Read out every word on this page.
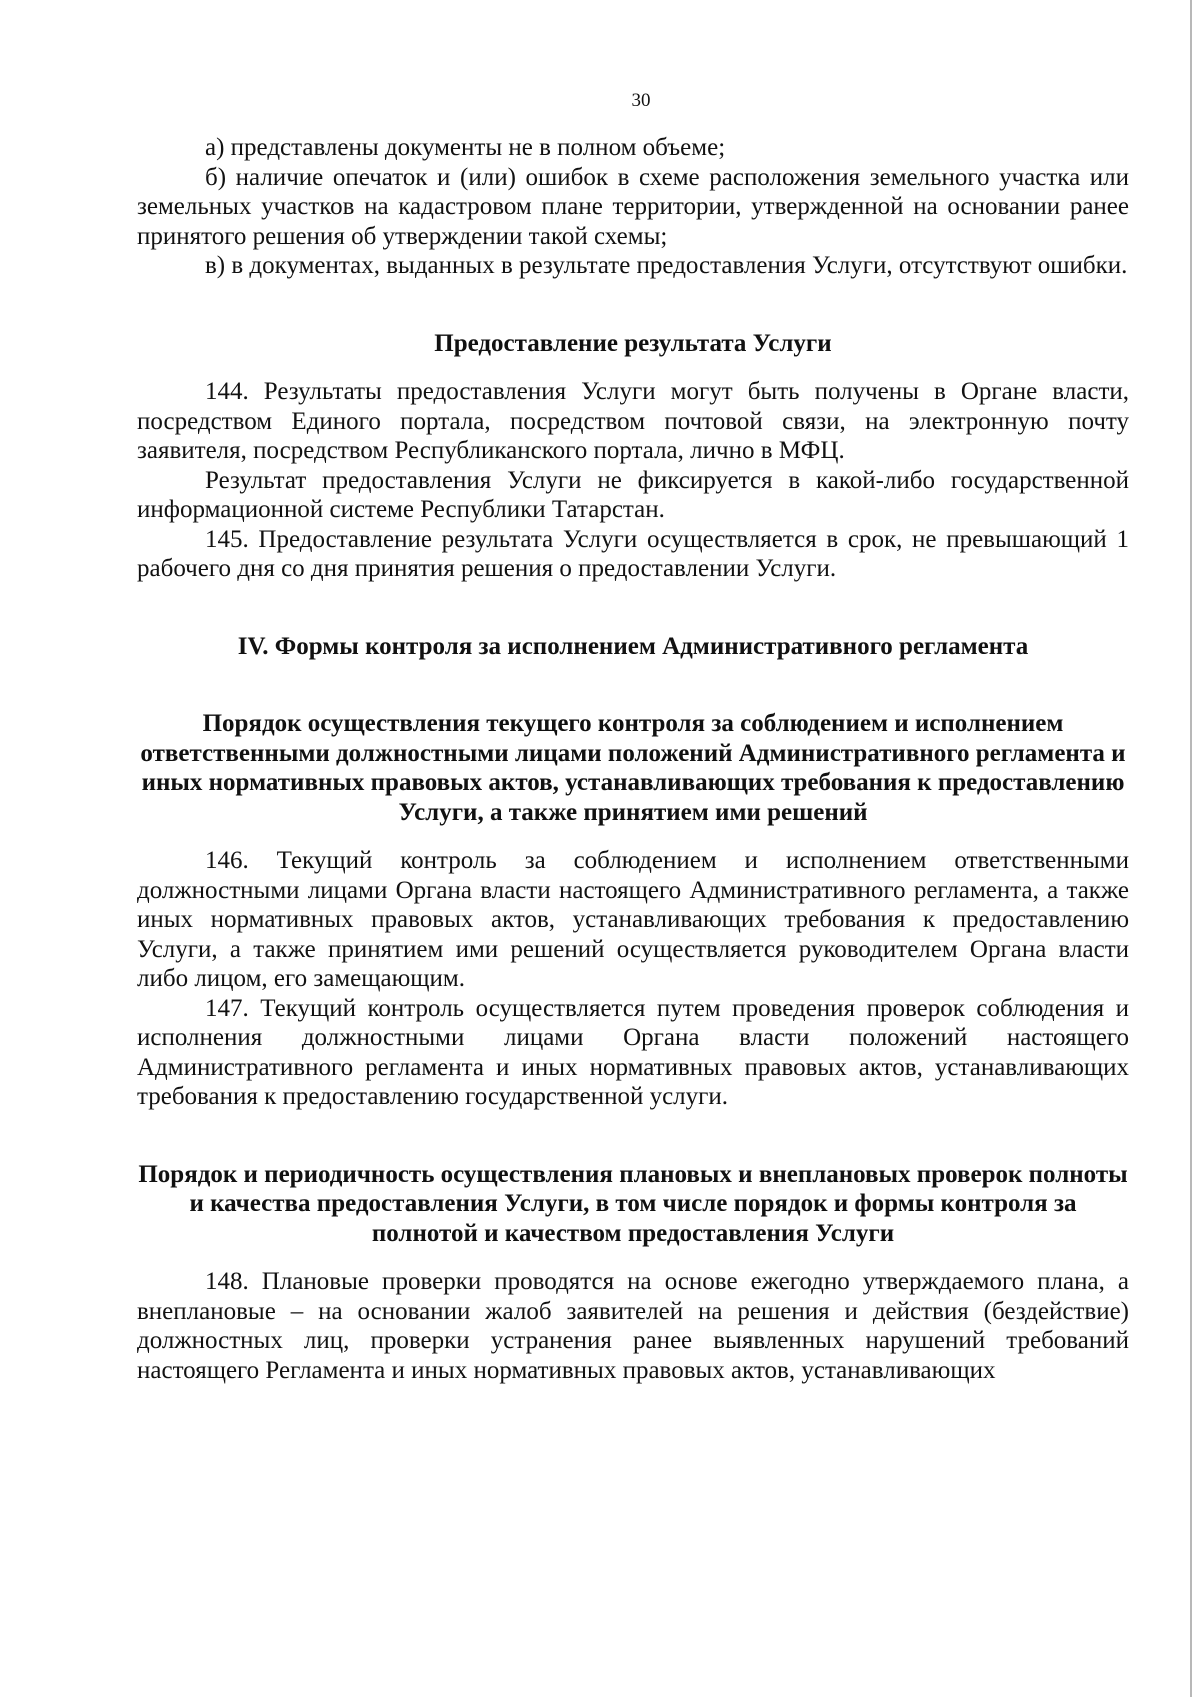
30

а) представлены документы не в полном объеме;

б) наличие опечаток и (или) ошибок в схеме расположения земельного участка или земельных участков на кадастровом плане территории, утвержденной на основании ранее принятого решения об утверждении такой схемы;

в) в документах, выданных в результате предоставления Услуги, отсутствуют ошибки.

Предоставление результата Услуги

144. Результаты предоставления Услуги могут быть получены в Органе власти, посредством Единого портала, посредством почтовой связи, на электронную почту заявителя, посредством Республиканского портала, лично в МФЦ.

Результат предоставления Услуги не фиксируется в какой-либо государственной информационной системе Республики Татарстан.

145. Предоставление результата Услуги осуществляется в срок, не превышающий 1 рабочего дня со дня принятия решения о предоставлении Услуги.

IV. Формы контроля за исполнением Административного регламента
Порядок осуществления текущего контроля за соблюдением и исполнением ответственными должностными лицами положений Административного регламента и иных нормативных правовых актов, устанавливающих требования к предоставлению Услуги, а также принятием ими решений

146. Текущий контроль за соблюдением и исполнением ответственными должностными лицами Органа власти настоящего Административного регламента, а также иных нормативных правовых актов, устанавливающих требования к предоставлению Услуги, а также принятием ими решений осуществляется руководителем Органа власти либо лицом, его замещающим.

147. Текущий контроль осуществляется путем проведения проверок соблюдения и исполнения должностными лицами Органа власти положений настоящего Административного регламента и иных нормативных правовых актов, устанавливающих требования к предоставлению государственной услуги.

Порядок и периодичность осуществления плановых и внеплановых проверок полноты и качества предоставления Услуги, в том числе порядок и формы контроля за полнотой и качеством предоставления Услуги

148. Плановые проверки проводятся на основе ежегодно утверждаемого плана, а внеплановые – на основании жалоб заявителей на решения и действия (бездействие) должностных лиц, проверки устранения ранее выявленных нарушений требований настоящего Регламента и иных нормативных правовых актов, устанавливающих
